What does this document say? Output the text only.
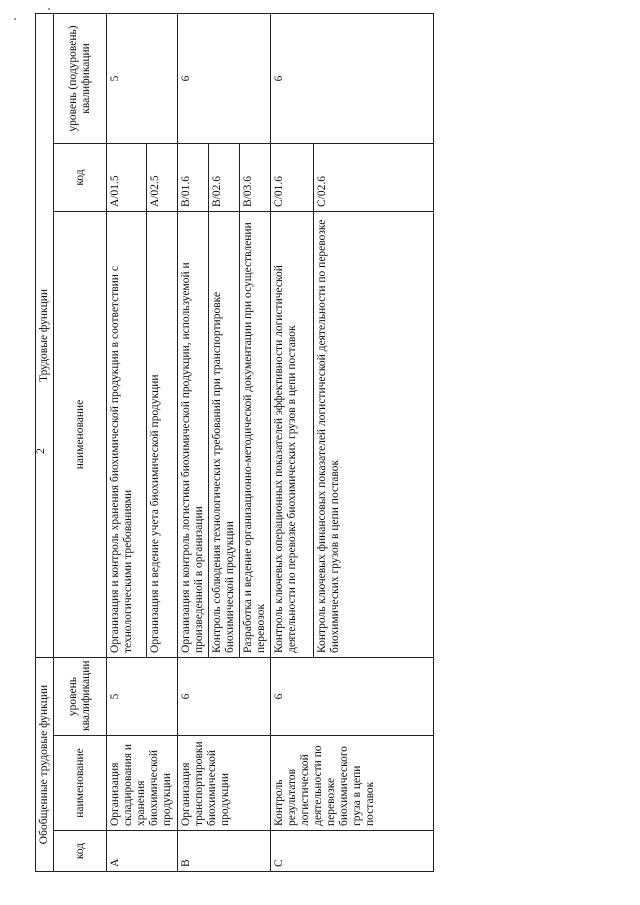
2
Обобщенные трудовые функции			Трудовые функции		
код	наименование	уровень квалификации	наименование	код	уровень (подуровень) квалификации
A	Организация складирования и хранения биохимической продукции	5	Организация и контроль хранения биохимической продукции в соответствии с технологическими требованиями	A/01.5	5
			Организация и ведение учета биохимической продукции	A/02.5	
B	Организация транспортировки биохимической продукции	6	Организация и контроль логистики биохимической продукции, используемой и произведенной в организации	B/01.6	6
			Контроль соблюдения технологических требований при транспортировке биохимической продукции	B/02.6	
			Разработка и ведение организационно-методической документации при осуществлении перевозок	B/03.6	
C	Контроль результатов логистической деятельности по перевозке биохимического груза в цепи поставок	6	Контроль ключевых операционных показателей эффективности логистической деятельности по перевозке биохимических грузов в цепи поставок	C/01.6	6
			Контроль ключевых финансовых показателей логистической деятельности по перевозке биохимических грузов в цепи поставок	C/02.6	
